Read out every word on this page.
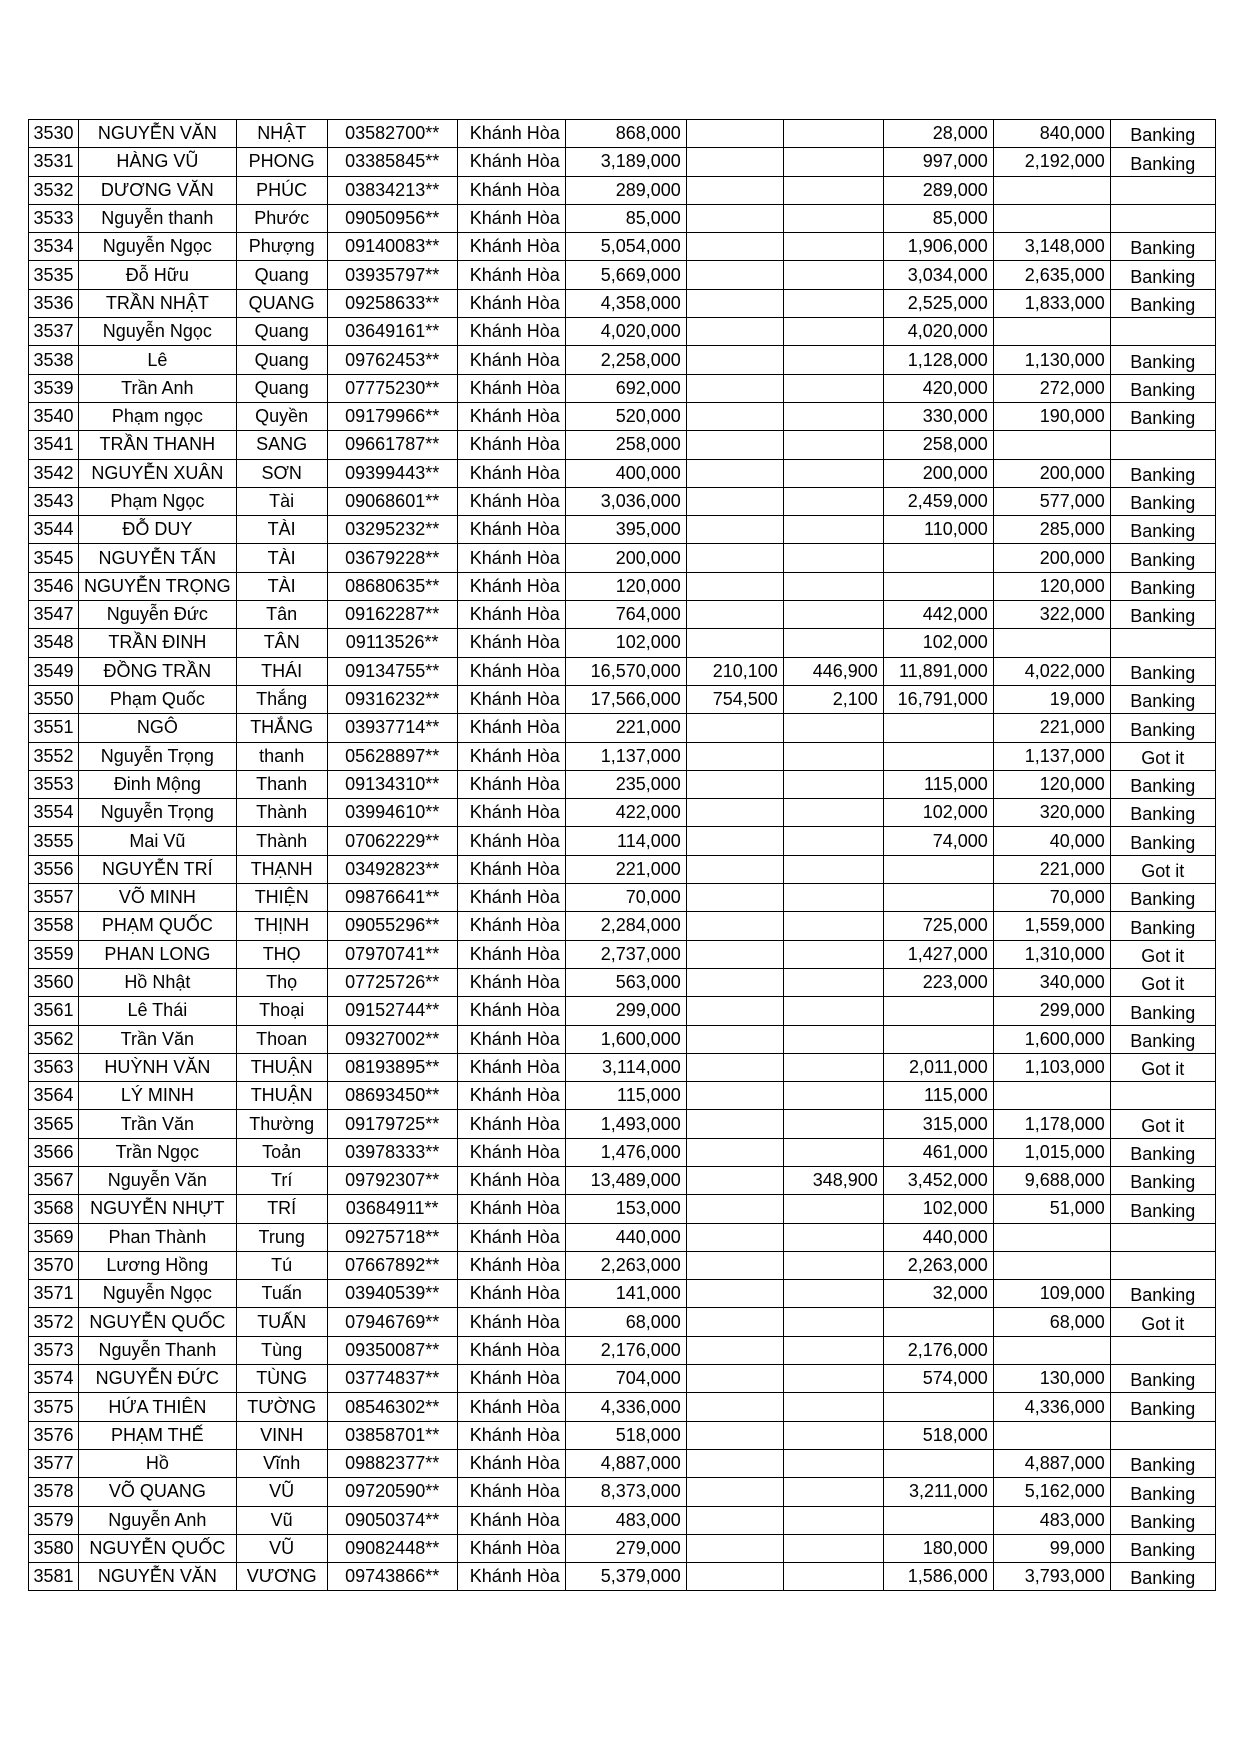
3530	NGUYỄN VĂN	NHẬT	03582700**	Khánh Hòa	868,000			28,000	840,000	Banking
3531	HÀNG VŨ	PHONG	03385845**	Khánh Hòa	3,189,000			997,000	2,192,000	Banking
3532	DƯƠNG VĂN	PHÚC	03834213**	Khánh Hòa	289,000			289,000		
3533	Nguyễn thanh	Phước	09050956**	Khánh Hòa	85,000			85,000		
3534	Nguyễn Ngọc	Phượng	09140083**	Khánh Hòa	5,054,000			1,906,000	3,148,000	Banking
3535	Đỗ Hữu	Quang	03935797**	Khánh Hòa	5,669,000			3,034,000	2,635,000	Banking
3536	TRẦN NHẬT	QUANG	09258633**	Khánh Hòa	4,358,000			2,525,000	1,833,000	Banking
3537	Nguyễn Ngọc	Quang	03649161**	Khánh Hòa	4,020,000			4,020,000		
3538	Lê	Quang	09762453**	Khánh Hòa	2,258,000			1,128,000	1,130,000	Banking
3539	Trần Anh	Quang	07775230**	Khánh Hòa	692,000			420,000	272,000	Banking
3540	Phạm ngọc	Quyền	09179966**	Khánh Hòa	520,000			330,000	190,000	Banking
3541	TRẦN THANH	SANG	09661787**	Khánh Hòa	258,000			258,000		
3542	NGUYỄN XUÂN	SƠN	09399443**	Khánh Hòa	400,000			200,000	200,000	Banking
3543	Phạm Ngọc	Tài	09068601**	Khánh Hòa	3,036,000			2,459,000	577,000	Banking
3544	ĐỖ DUY	TÀI	03295232**	Khánh Hòa	395,000			110,000	285,000	Banking
3545	NGUYỄN TẤN	TÀI	03679228**	Khánh Hòa	200,000				200,000	Banking
3546	NGUYỄN TRỌNG	TÀI	08680635**	Khánh Hòa	120,000				120,000	Banking
3547	Nguyễn Đức	Tân	09162287**	Khánh Hòa	764,000			442,000	322,000	Banking
3548	TRẦN ĐINH	TÂN	09113526**	Khánh Hòa	102,000			102,000		
3549	ĐỒNG TRẦN	THÁI	09134755**	Khánh Hòa	16,570,000	210,100	446,900	11,891,000	4,022,000	Banking
3550	Phạm Quốc	Thắng	09316232**	Khánh Hòa	17,566,000	754,500	2,100	16,791,000	19,000	Banking
3551	NGÔ	THẮNG	03937714**	Khánh Hòa	221,000				221,000	Banking
3552	Nguyễn Trọng	thanh	05628897**	Khánh Hòa	1,137,000				1,137,000	Got it
3553	Đinh Mộng	Thanh	09134310**	Khánh Hòa	235,000			115,000	120,000	Banking
3554	Nguyễn Trọng	Thành	03994610**	Khánh Hòa	422,000			102,000	320,000	Banking
3555	Mai Vũ	Thành	07062229**	Khánh Hòa	114,000			74,000	40,000	Banking
3556	NGUYỄN TRÍ	THẠNH	03492823**	Khánh Hòa	221,000				221,000	Got it
3557	VÕ MINH	THIỆN	09876641**	Khánh Hòa	70,000				70,000	Banking
3558	PHẠM QUỐC	THỊNH	09055296**	Khánh Hòa	2,284,000			725,000	1,559,000	Banking
3559	PHAN LONG	THỌ	07970741**	Khánh Hòa	2,737,000			1,427,000	1,310,000	Got it
3560	Hồ Nhật	Thọ	07725726**	Khánh Hòa	563,000			223,000	340,000	Got it
3561	Lê Thái	Thoại	09152744**	Khánh Hòa	299,000				299,000	Banking
3562	Trần Văn	Thoan	09327002**	Khánh Hòa	1,600,000				1,600,000	Banking
3563	HUỲNH VĂN	THUẬN	08193895**	Khánh Hòa	3,114,000			2,011,000	1,103,000	Got it
3564	LÝ MINH	THUẬN	08693450**	Khánh Hòa	115,000			115,000		
3565	Trần Văn	Thường	09179725**	Khánh Hòa	1,493,000			315,000	1,178,000	Got it
3566	Trần Ngọc	Toản	03978333**	Khánh Hòa	1,476,000			461,000	1,015,000	Banking
3567	Nguyễn Văn	Trí	09792307**	Khánh Hòa	13,489,000		348,900	3,452,000	9,688,000	Banking
3568	NGUYỄN NHỰT	TRÍ	03684911**	Khánh Hòa	153,000			102,000	51,000	Banking
3569	Phan Thành	Trung	09275718**	Khánh Hòa	440,000			440,000		
3570	Lương Hồng	Tú	07667892**	Khánh Hòa	2,263,000			2,263,000		
3571	Nguyễn Ngọc	Tuấn	03940539**	Khánh Hòa	141,000			32,000	109,000	Banking
3572	NGUYỄN QUỐC	TUẤN	07946769**	Khánh Hòa	68,000				68,000	Got it
3573	Nguyễn Thanh	Tùng	09350087**	Khánh Hòa	2,176,000			2,176,000		
3574	NGUYỄN ĐỨC	TÙNG	03774837**	Khánh Hòa	704,000			574,000	130,000	Banking
3575	HỨA THIÊN	TƯỜNG	08546302**	Khánh Hòa	4,336,000				4,336,000	Banking
3576	PHẠM THẾ	VINH	03858701**	Khánh Hòa	518,000			518,000		
3577	Hồ	Vĩnh	09882377**	Khánh Hòa	4,887,000				4,887,000	Banking
3578	VÕ QUANG	VŨ	09720590**	Khánh Hòa	8,373,000			3,211,000	5,162,000	Banking
3579	Nguyễn Anh	Vũ	09050374**	Khánh Hòa	483,000				483,000	Banking
3580	NGUYỄN QUỐC	VŨ	09082448**	Khánh Hòa	279,000			180,000	99,000	Banking
3581	NGUYỄN VĂN	VƯƠNG	09743866**	Khánh Hòa	5,379,000			1,586,000	3,793,000	Banking
